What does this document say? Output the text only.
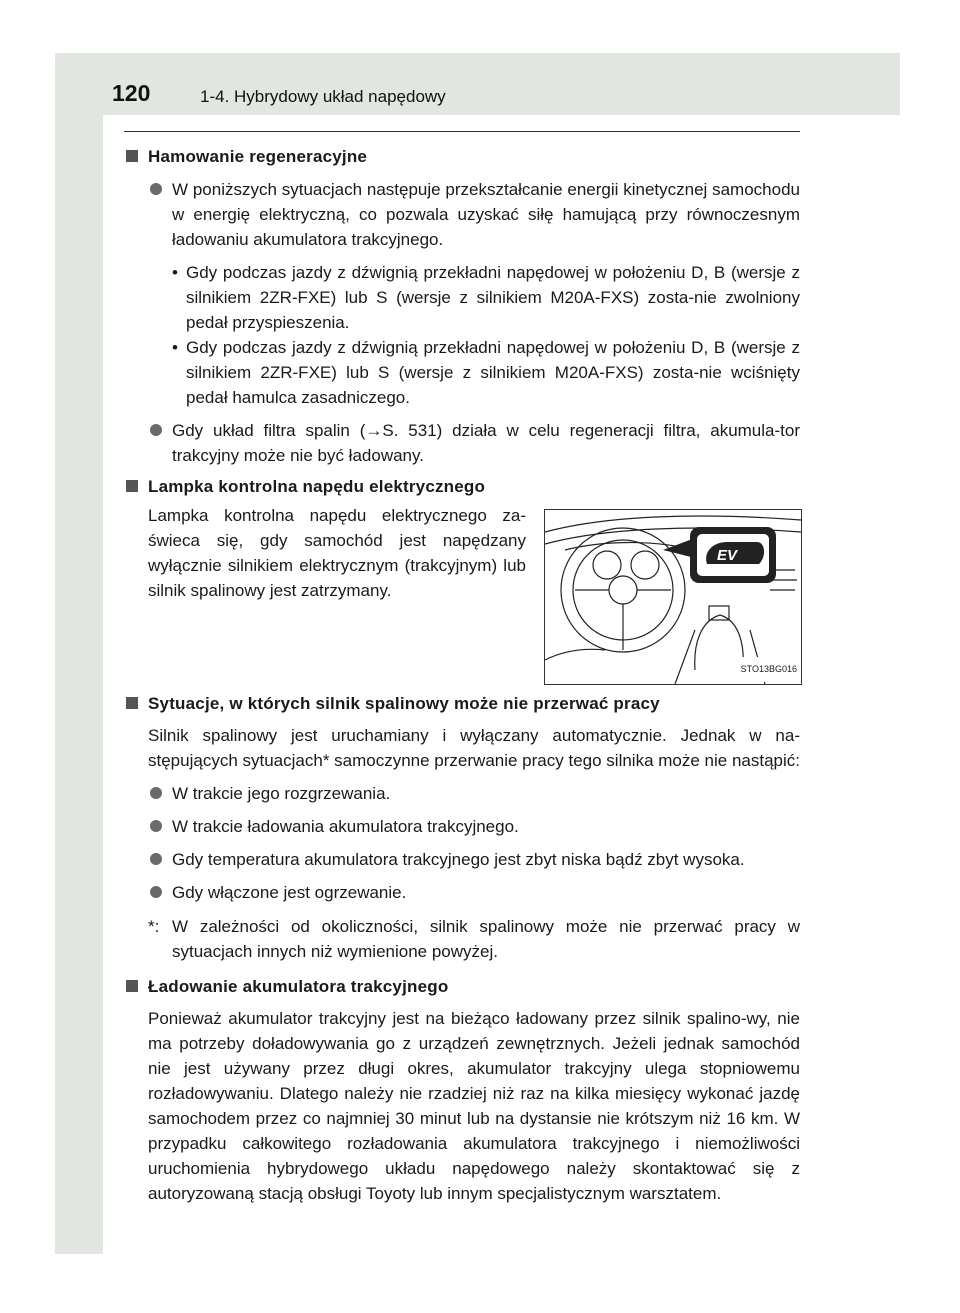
120	1-4. Hybrydowy układ napędowy
Hamowanie regeneracyjne
W poniższych sytuacjach następuje przekształcanie energii kinetycznej samochodu w energię elektryczną, co pozwala uzyskać siłę hamującą przy równoczesnym ładowaniu akumulatora trakcyjnego.
• Gdy podczas jazdy z dźwignią przekładni napędowej w położeniu D, B (wersje z silnikiem 2ZR-FXE) lub S (wersje z silnikiem M20A-FXS) zosta-nie zwolniony pedał przyspieszenia.
• Gdy podczas jazdy z dźwignią przekładni napędowej w położeniu D, B (wersje z silnikiem 2ZR-FXE) lub S (wersje z silnikiem M20A-FXS) zosta-nie wciśnięty pedał hamulca zasadniczego.
Gdy układ filtra spalin (→S. 531) działa w celu regeneracji filtra, akumula-tor trakcyjny może nie być ładowany.
Lampka kontrolna napędu elektrycznego
Lampka kontrolna napędu elektrycznego za-świeca się, gdy samochód jest napędzany wyłącznie silnikiem elektrycznym (trakcyjnym) lub silnik spalinowy jest zatrzymany.
EV
STO13BG016
Sytuacje, w których silnik spalinowy może nie przerwać pracy
Silnik spalinowy jest uruchamiany i wyłączany automatycznie. Jednak w na-stępujących sytuacjach* samoczynne przerwanie pracy tego silnika może nie nastąpić:
W trakcie jego rozgrzewania.
W trakcie ładowania akumulatora trakcyjnego.
Gdy temperatura akumulatora trakcyjnego jest zbyt niska bądź zbyt wysoka.
Gdy włączone jest ogrzewanie.
*: W zależności od okoliczności, silnik spalinowy może nie przerwać pracy w sytuacjach innych niż wymienione powyżej.
Ładowanie akumulatora trakcyjnego
Ponieważ akumulator trakcyjny jest na bieżąco ładowany przez silnik spalino-wy, nie ma potrzeby doładowywania go z urządzeń zewnętrznych. Jeżeli jednak samochód nie jest używany przez długi okres, akumulator trakcyjny ulega stopniowemu rozładowywaniu. Dlatego należy nie rzadziej niż raz na kilka miesięcy wykonać jazdę samochodem przez co najmniej 30 minut lub na dystansie nie krótszym niż 16 km. W przypadku całkowitego rozładowania akumulatora trakcyjnego i niemożliwości uruchomienia hybrydowego układu napędowego należy skontaktować się z autoryzowaną stacją obsługi Toyoty lub innym specjalistycznym warsztatem.
